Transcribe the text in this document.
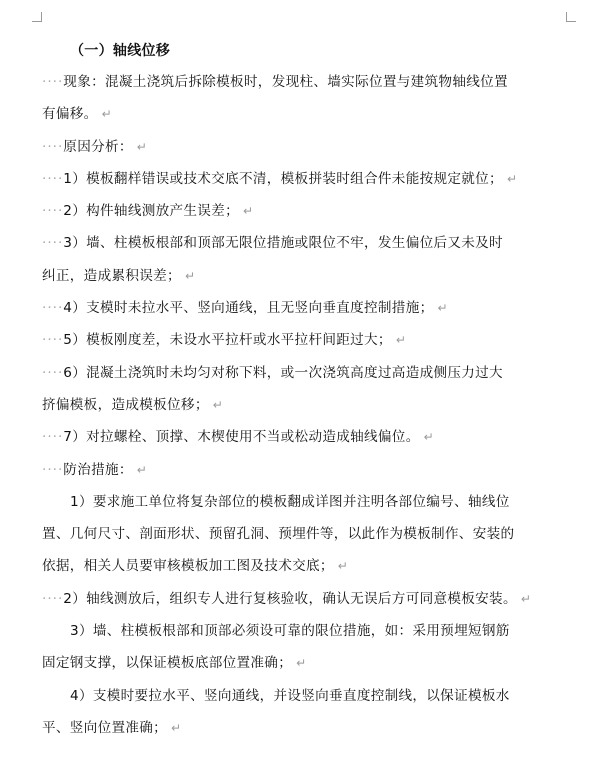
（一）轴线位移
····现象：混凝土浇筑后拆除模板时，发现柱、墙实际位置与建筑物轴线位置
有偏移。 ↵
····原因分析： ↵
····1）模板翻样错误或技术交底不清，模板拼装时组合件未能按规定就位； ↵
····2）构件轴线测放产生误差； ↵
····3）墙、柱模板根部和顶部无限位措施或限位不牢，发生偏位后又未及时
纠正，造成累积误差； ↵
····4）支模时未拉水平、竖向通线，且无竖向垂直度控制措施； ↵
····5）模板刚度差，未设水平拉杆或水平拉杆间距过大； ↵
····6）混凝土浇筑时未均匀对称下料，或一次浇筑高度过高造成侧压力过大
挤偏模板，造成模板位移； ↵
····7）对拉螺栓、顶撑、木楔使用不当或松动造成轴线偏位。 ↵
····防治措施： ↵
1）要求施工单位将复杂部位的模板翻成详图并注明各部位编号、轴线位
置、几何尺寸、剖面形状、预留孔洞、预埋件等，以此作为模板制作、安装的
依据，相关人员要审核模板加工图及技术交底； ↵
····2）轴线测放后，组织专人进行复核验收，确认无误后方可同意模板安装。 ↵
3）墙、柱模板根部和顶部必须设可靠的限位措施，如：采用预埋短钢筋
固定钢支撑，以保证模板底部位置准确； ↵
4）支模时要拉水平、竖向通线，并设竖向垂直度控制线，以保证模板水
平、竖向位置准确； ↵
